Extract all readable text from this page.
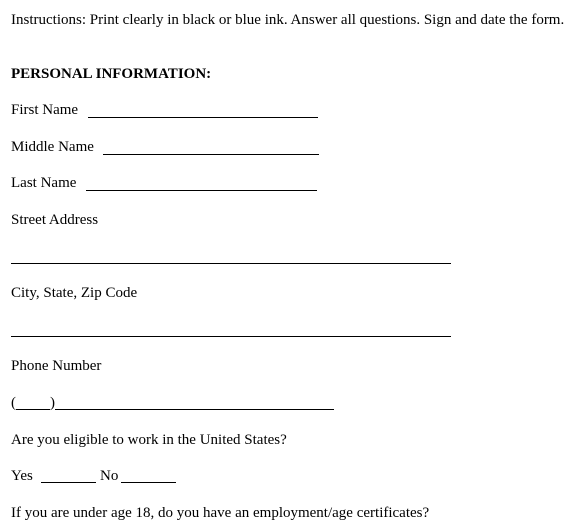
Instructions: Print clearly in black or blue ink. Answer all questions. Sign and date the form.
PERSONAL INFORMATION:
First Name
Middle Name
Last Name
Street Address
City, State, Zip Code
Phone Number
( )
Are you eligible to work in the United States?
Yes	No
If you are under age 18, do you have an employment/age certificates?
